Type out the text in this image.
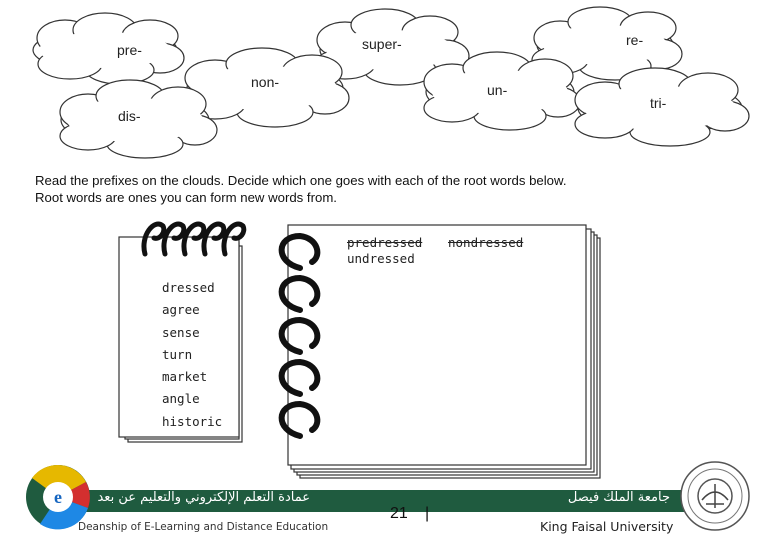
pre-	super-	re-
non-	un-
dis-
tri-
Read the prefixes on the clouds. Decide which one goes with each of the root words below.
Root words are ones you can form new words from.
dressed
agree
sense
turn
market
angle
historic
predressed nondressed
undressed
e	عمادة التعلم الإلكتروني والتعليم عن بعد
Deanship of E-Learning and Distance Education
21 |
جامعة الملك فيصل
King Faisal University
